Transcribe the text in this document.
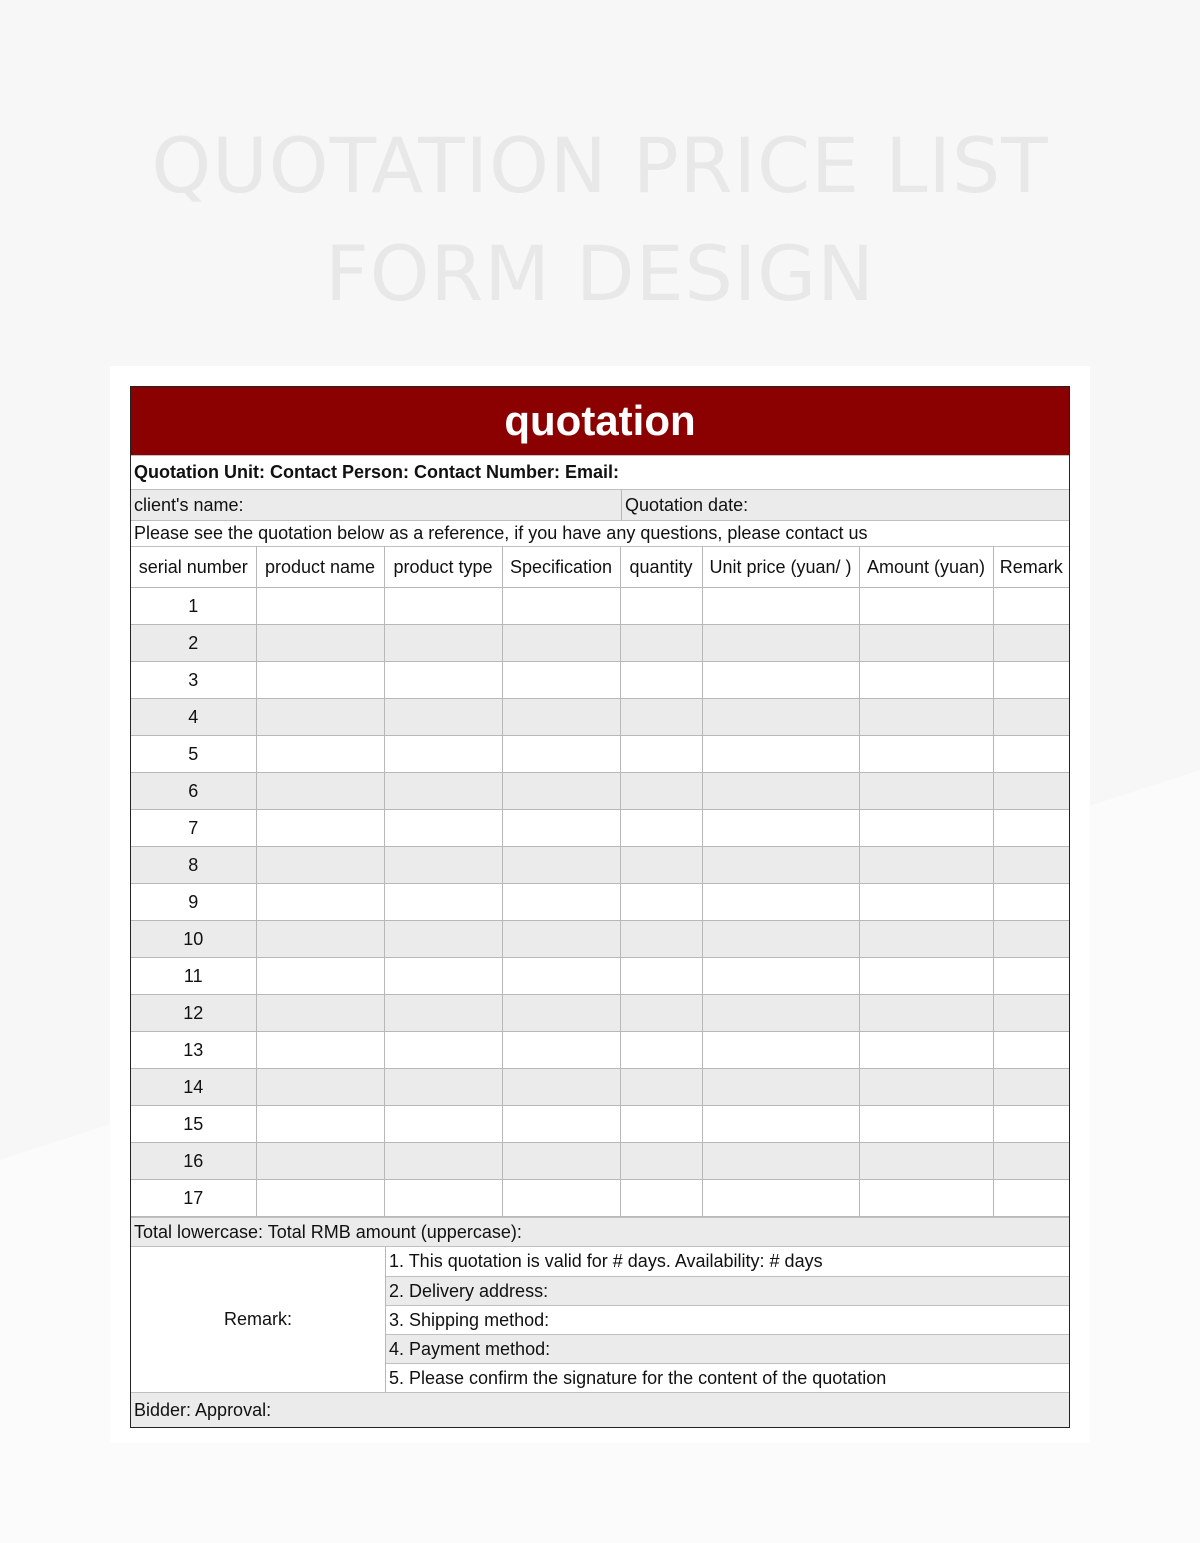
QUOTATION PRICE LIST
FORM DESIGN
quotation
Quotation Unit: Contact Person: Contact Number: Email:
client's name:	Quotation date:
Please see the quotation below as a reference, if you have any questions, please contact us
serial number	product name	product type	Specification	quantity	Unit price (yuan/ )	Amount (yuan)	Remark
1							
2							
3							
4							
5							
6							
7							
8							
9							
10							
11							
12							
13							
14							
15							
16							
17							
Total lowercase: Total RMB amount (uppercase):
Remark:
1. This quotation is valid for # days. Availability: # days
2. Delivery address:
3. Shipping method:
4. Payment method:
5. Please confirm the signature for the content of the quotation
Bidder: Approval:
